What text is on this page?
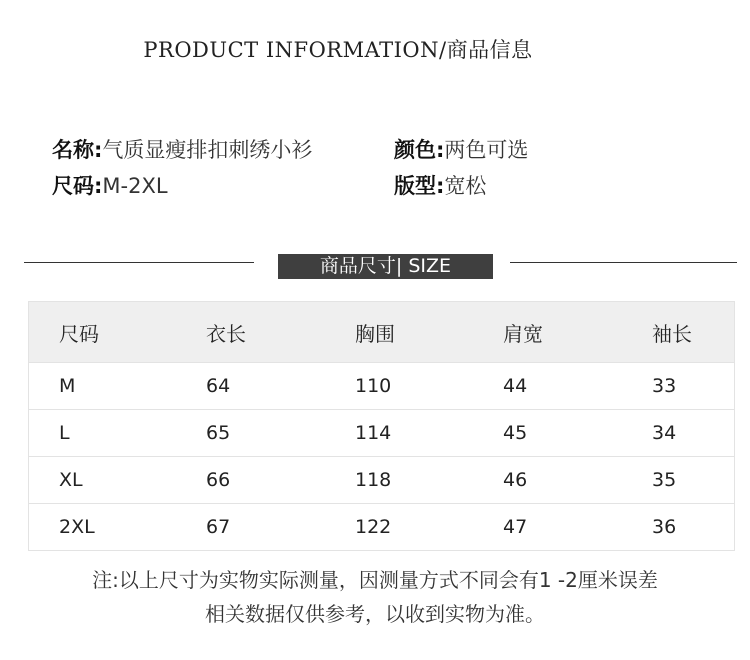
PRODUCT INFORMATION/商品信息
名称:气质显瘦排扣刺绣小衫	颜色:两色可选
尺码:M-2XL	版型:宽松
商品尺寸| SIZE
尺码	衣长	胸围	肩宽	袖长
M	64	110	44	33
L	65	114	45	34
XL	66	118	46	35
2XL	67	122	47	36
注:以上尺寸为实物实际测量，因测量方式不同会有1 -2厘米误差
相关数据仅供参考，以收到实物为准。
